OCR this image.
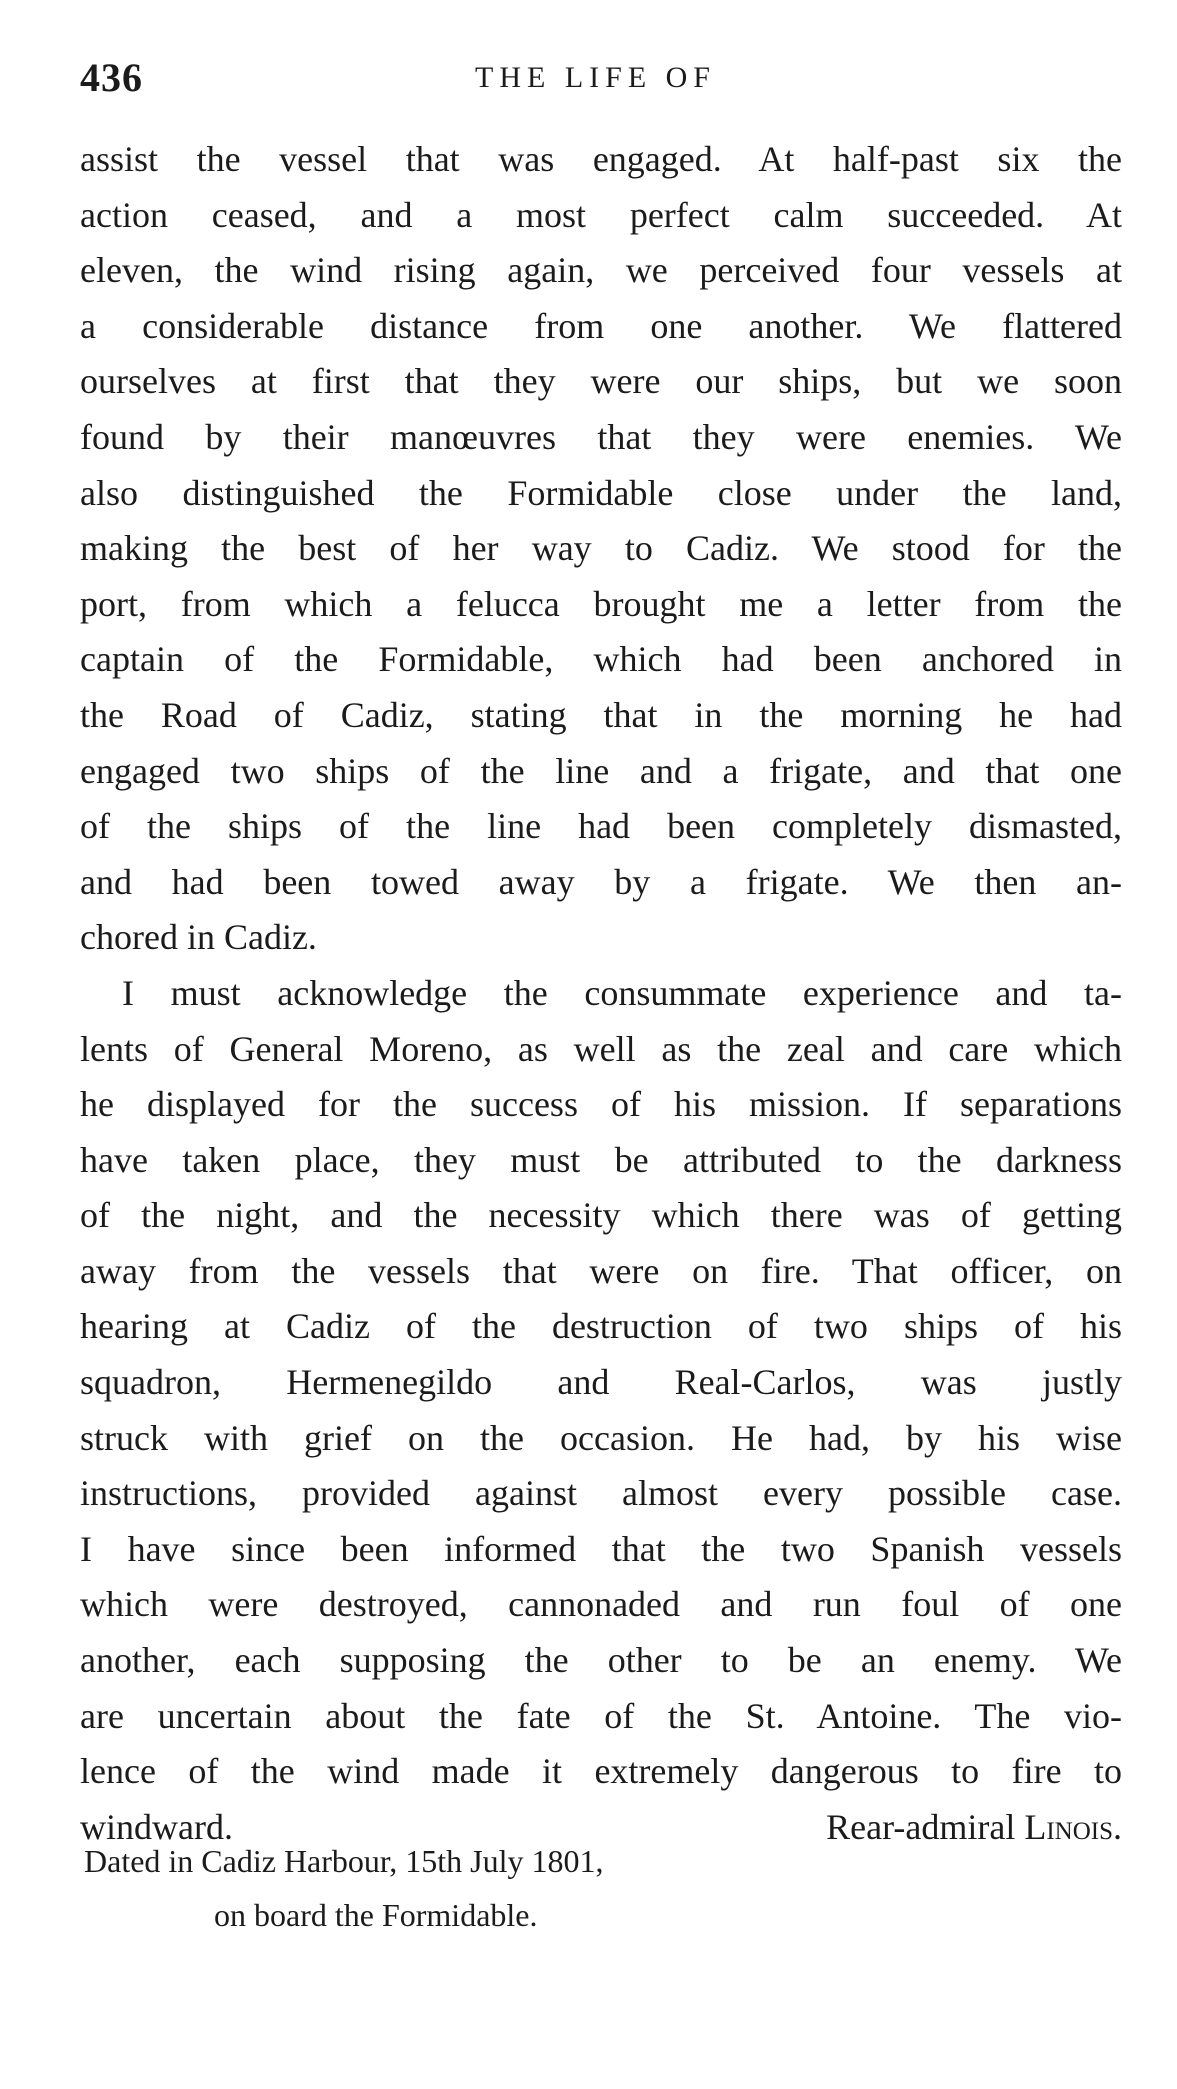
436	THE LIFE OF
assist the vessel that was engaged. At half-past six the
action ceased, and a most perfect calm succeeded. At
eleven, the wind rising again, we perceived four vessels at
a considerable distance from one another. We flattered
ourselves at first that they were our ships, but we soon
found by their manœuvres that they were enemies. We
also distinguished the Formidable close under the land,
making the best of her way to Cadiz. We stood for the
port, from which a felucca brought me a letter from the
captain of the Formidable, which had been anchored in
the Road of Cadiz, stating that in the morning he had
engaged two ships of the line and a frigate, and that one
of the ships of the line had been completely dismasted,
and had been towed away by a frigate. We then an-
chored in Cadiz.
I must acknowledge the consummate experience and ta-
lents of General Moreno, as well as the zeal and care which
he displayed for the success of his mission. If separations
have taken place, they must be attributed to the darkness
of the night, and the necessity which there was of getting
away from the vessels that were on fire. That officer, on
hearing at Cadiz of the destruction of two ships of his
squadron, Hermenegildo and Real-Carlos, was justly
struck with grief on the occasion. He had, by his wise
instructions, provided against almost every possible case.
I have since been informed that the two Spanish vessels
which were destroyed, cannonaded and run foul of one
another, each supposing the other to be an enemy. We
are uncertain about the fate of the St. Antoine. The vio-
lence of the wind made it extremely dangerous to fire to
windward.	Rear-admiral Linois.
Dated in Cadiz Harbour, 15th July 1801,
on board the Formidable.
